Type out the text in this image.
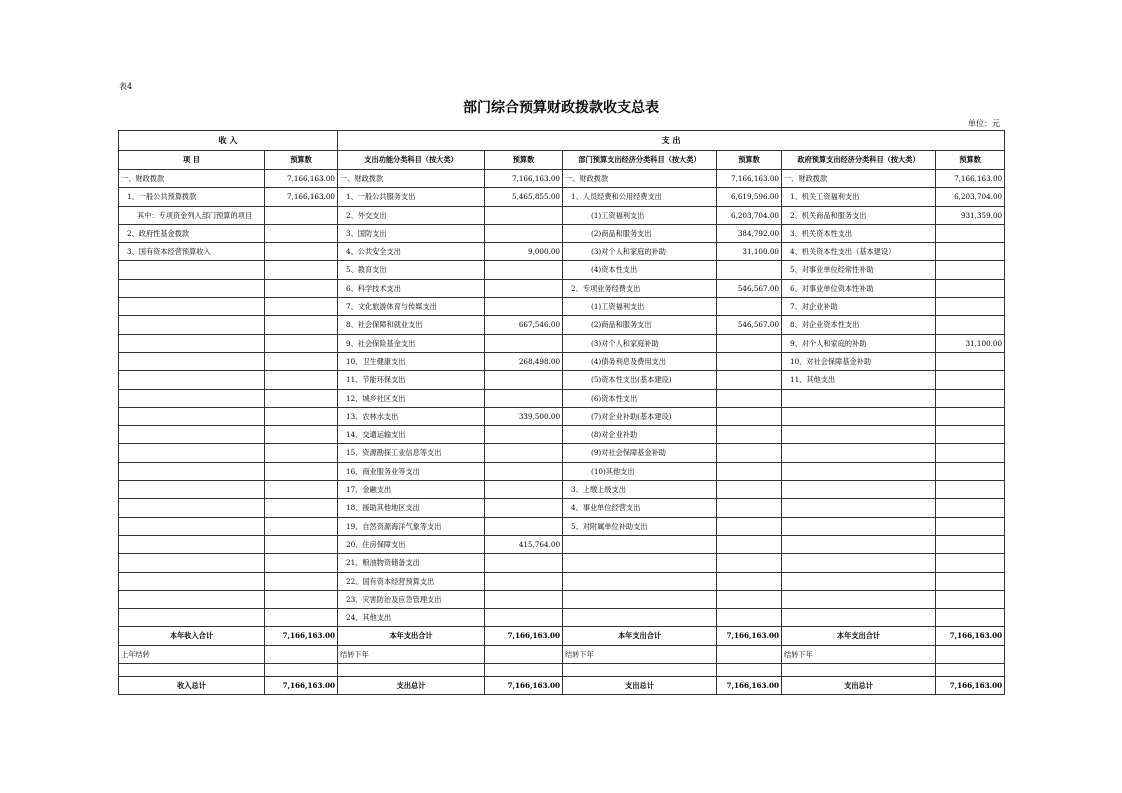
表4
部门综合预算财政拨款收支总表
单位：元
收 入		支 出					
项 目	预算数	支出功能分类科目（按大类）	预算数	部门预算支出经济分类科目（按大类）	预算数	政府预算支出经济分类科目（按大类）	预算数
一、财政拨款	7,166,163.00	一、财政拨款	7,166,163.00	一、财政拨款	7,166,163.00	一、财政拨款	7,166,163.00
1、一般公共预算拨款	7,166,163.00	1、一般公共服务支出	5,465,855.00	1、人员经费和公用经费支出	6,619,596.00	1、机关工资福利支出	6,203,704.00
其中：专项资金列入部门预算的项目		2、外交支出		(1)工资福利支出	6,203,704.00	2、机关商品和服务支出	931,359.00
2、政府性基金拨款		3、国防支出		(2)商品和服务支出	384,792.00	3、机关资本性支出	
3、国有资本经营预算收入		4、公共安全支出	9,000.00	(3)对个人和家庭的补助	31,100.00	4、机关资本性支出（基本建设）	
		5、教育支出		(4)资本性支出		5、对事业单位经常性补助	
		6、科学技术支出		2、专项业务经费支出	546,567.00	6、对事业单位资本性补助	
		7、文化旅游体育与传媒支出		(1)工资福利支出		7、对企业补助	
		8、社会保障和就业支出	667,546.00	(2)商品和服务支出	546,567.00	8、对企业资本性支出	
		9、社会保险基金支出		(3)对个人和家庭补助		9、对个人和家庭的补助	31,100.00
		10、卫生健康支出	268,498.00	(4)债务利息及费用支出		10、对社会保障基金补助	
		11、节能环保支出		(5)资本性支出(基本建设)		11、其他支出	
		12、城乡社区支出		(6)资本性支出			
		13、农林水支出	339,500.00	(7)对企业补助(基本建设)			
		14、交通运输支出		(8)对企业补助			
		15、资源勘探工业信息等支出		(9)对社会保障基金补助			
		16、商业服务业等支出		(10)其他支出			
		17、金融支出		3、上缴上级支出			
		18、援助其他地区支出		4、事业单位经营支出			
		19、自然资源海洋气象等支出		5、对附属单位补助支出			
		20、住房保障支出	415,764.00				
		21、粮油物资储备支出					
		22、国有资本经营预算支出					
		23、灾害防治及应急管理支出					
		24、其他支出					
本年收入合计	7,166,163.00	本年支出合计	7,166,163.00	本年支出合计	7,166,163.00	本年支出合计	7,166,163.00
上年结转		结转下年		结转下年		结转下年	

收入总计	7,166,163.00	支出总计	7,166,163.00	支出总计	7,166,163.00	支出总计	7,166,163.00
